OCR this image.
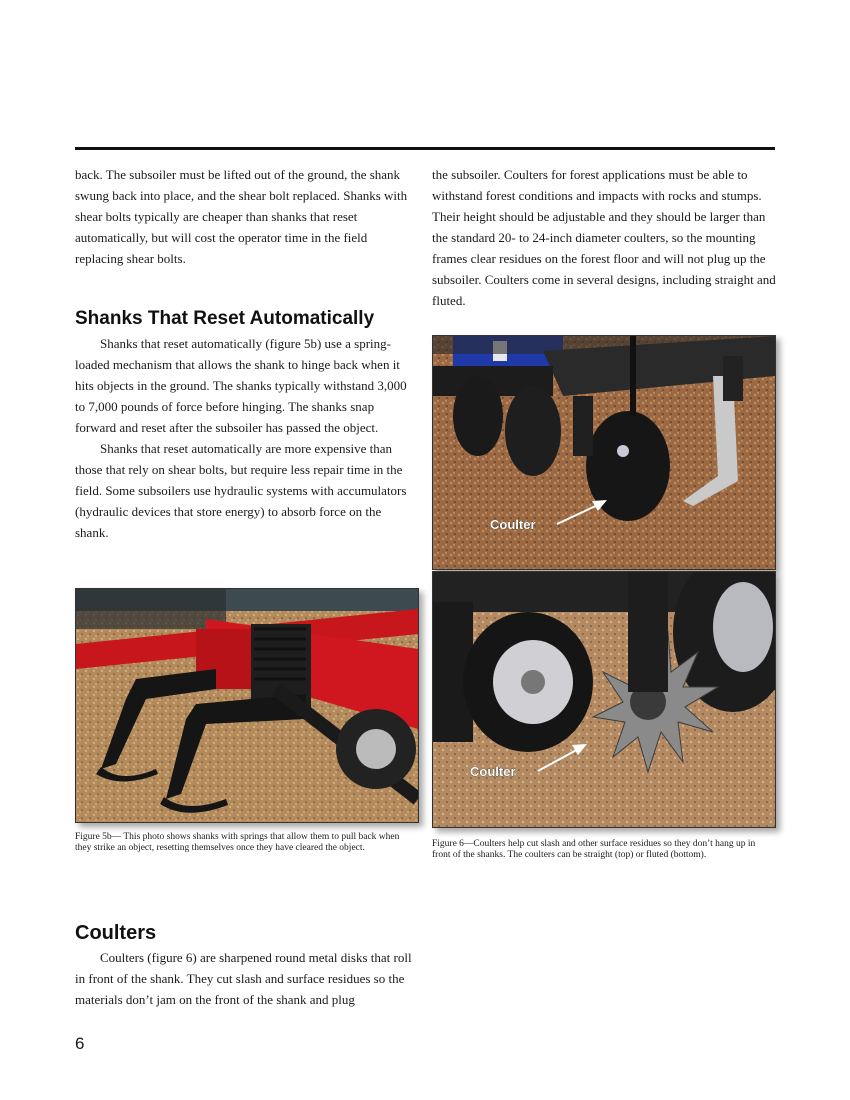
back. The subsoiler must be lifted out of the ground, the shank swung back into place, and the shear bolt replaced. Shanks with shear bolts typically are cheaper than shanks that reset automatically, but will cost the operator time in the field replacing shear bolts.

the subsoiler. Coulters for forest applications must be able to withstand forest conditions and impacts with rocks and stumps. Their height should be adjustable and they should be larger than the standard 20- to 24-inch diameter coulters, so the mounting frames clear residues on the forest floor and will not plug up the subsoiler. Coulters come in several designs, including straight and fluted.

Shanks That Reset Automatically

Shanks that reset automatically (figure 5b) use a spring-loaded mechanism that allows the shank to hinge back when it hits objects in the ground. The shanks typically withstand 3,000 to 7,000 pounds of force before hinging. The shanks snap forward and reset after the subsoiler has passed the object.

Shanks that reset automatically are more expensive than those that rely on shear bolts, but require less repair time in the field. Some subsoilers use hydraulic systems with accumulators (hydraulic devices that store energy) to absorb force on the shank.

Figure 5b— This photo shows shanks with springs that allow them to pull back when they strike an object, resetting themselves once they have cleared the object.

Coulter
Coulter

Figure 6—Coulters help cut slash and other surface residues so they don’t hang up in front of the shanks. The coulters can be straight (top) or fluted (bottom).

Coulters

Coulters (figure 6) are sharpened round metal disks that roll in front of the shank. They cut slash and surface residues so the materials don’t jam on the front of the shank and plug

6
